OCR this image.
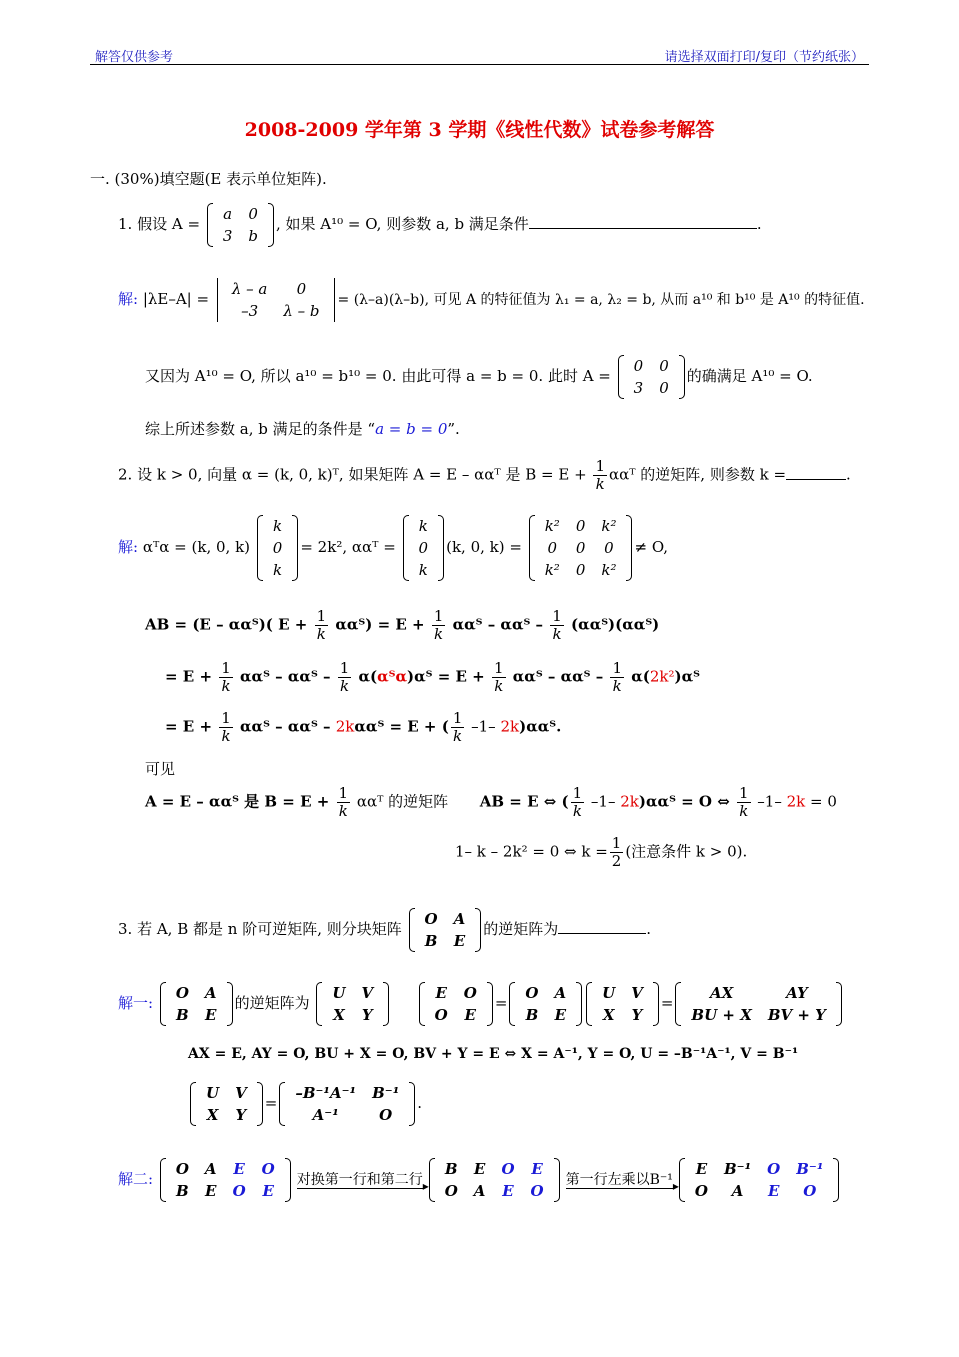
解答仅供参考	请选择双面打印/复印（节约纸张）
2008-2009 学年第 3 学期《线性代数》试卷参考解答
一. (30%)填空题(E 表示单位矩阵).
1. 假设 A =
a	0
3	b
, 如果 A¹⁰ = O, 则参数 a, b 满足条件	.
解: |λE–A| =
λ – a	0
–3	λ – b
= (λ–a)(λ–b), 可见 A 的特征值为 λ₁ = a, λ₂ = b, 从而 a¹⁰ 和 b¹⁰ 是 A¹⁰ 的特征值.
又因为 A¹⁰ = O, 所以 a¹⁰ = b¹⁰ = 0. 由此可得 a = b = 0. 此时 A =
0	0
3	0
的确满足 A¹⁰ = O.
综上所述参数 a, b 满足的条件是 “a = b = 0”.
2. 设 k > 0, 向量 α = (k, 0, k)ᵀ, 如果矩阵 A = E – ααᵀ 是 $B = E + \frac{1}{k}$ ααᵀ 的逆矩阵, 则参数 k =	.
解: αᵀα = (k, 0, k)
k
0
k
= 2k², ααᵀ =
k
0
k
(k, 0, k) =
k²	0	k²
0	0	0
k²	0	k²
≠ O,
AB = (E – ααᵀ)( $E + \frac{1}{k}$ ααᵀ) = $E + \frac{1}{k}$ ααᵀ – ααᵀ – $\frac{1}{k}$ (ααᵀ)(ααᵀ)
= $E + \frac{1}{k}$ ααᵀ – ααᵀ – $\frac{1}{k}$ α(αᵀα)αᵀ = $E + \frac{1}{k}$ ααᵀ – ααᵀ – $\frac{1}{k}$ α(2k²)αᵀ
= $E + \frac{1}{k}$ ααᵀ – ααᵀ – 2kααᵀ = E + ( $\frac{1}{k} -1-$ 2k)ααᵀ.
可见
A = E – ααᵀ 是 $B = E + \frac{1}{k}$ ααᵀ 的逆矩阵 AB = E ⇔ ( $\frac{1}{k} -1-$ 2k)ααᵀ = O ⇔ $\frac{1}{k} -1-$ 2k = 0
1– k – 2k² = 0 ⇔ $k = \frac{1}{2}$ (注意条件 k > 0).
3. 若 A, B 都是 n 阶可逆矩阵, 则分块矩阵
O	A
B	E
的逆矩阵为	.
解一:
O	A
B	E
的逆矩阵为
U	V
X	Y

E	O
O	E
=
O	A
B	E
U	V
X	Y
=
AX	AY
BU + X	BV + Y
AX = E, AY = O, BU + X = O, BV + Y = E ⇔ X = A⁻¹, Y = O, U = –B⁻¹A⁻¹, V = B⁻¹
U	V
X	Y
=
–B⁻¹A⁻¹	B⁻¹
A⁻¹	O
.
解二:
O	A	E	O
B	E	O	E
对换第一行和第二行
▸
B	E	O	E
O	A	E	O
第一行左乘以B⁻¹
▸
E	B⁻¹	O	B⁻¹
O	A	E	O
